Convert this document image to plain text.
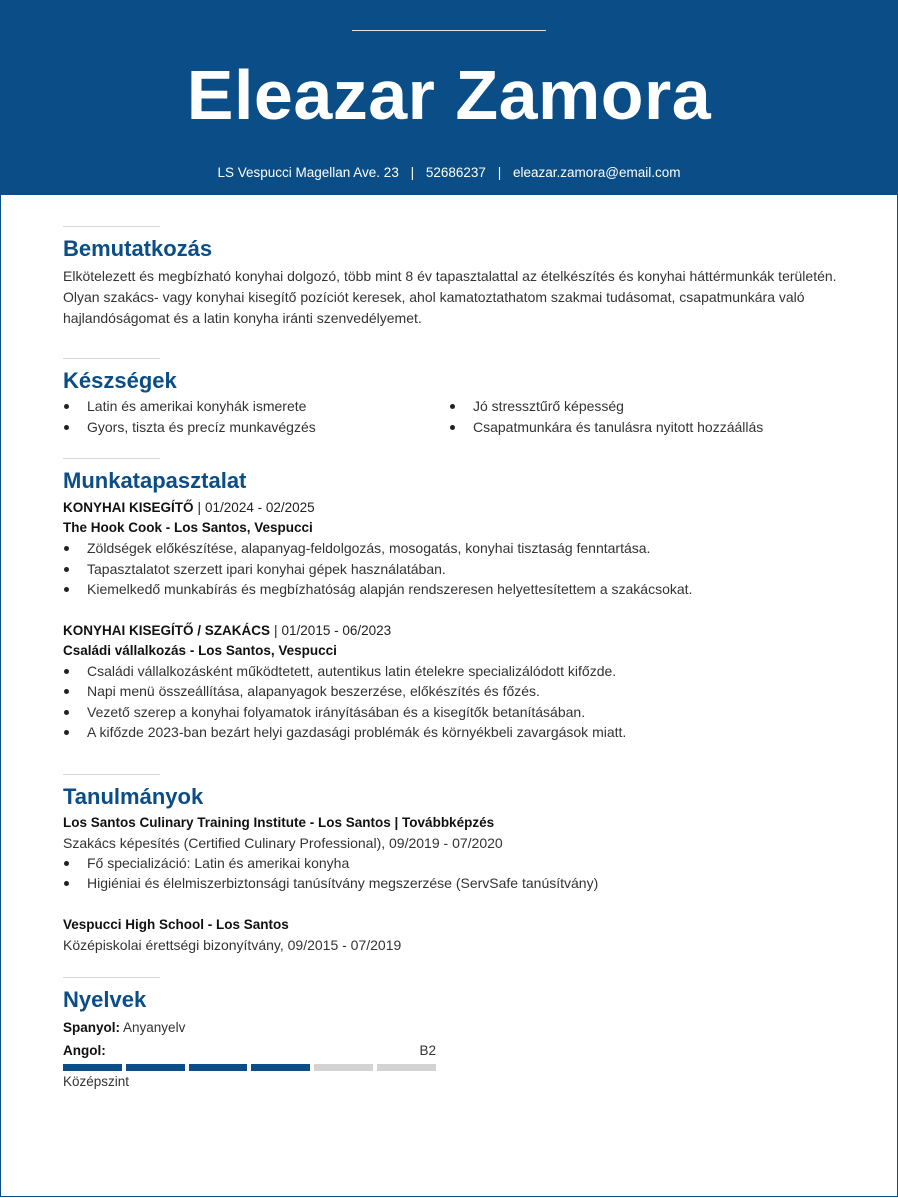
Eleazar Zamora
LS Vespucci Magellan Ave. 23 | 52686237 | eleazar.zamora@email.com
Bemutatkozás
Elkötelezett és megbízható konyhai dolgozó, több mint 8 év tapasztalattal az ételkészítés és konyhai háttérmunkák területén. Olyan szakács- vagy konyhai kisegítő pozíciót keresek, ahol kamatoztathatom szakmai tudásomat, csapatmunkára való hajlandóságomat és a latin konyha iránti szenvedélyemet.
Készségek
Latin és amerikai konyhák ismerete
Gyors, tiszta és precíz munkavégzés
Jó stressztűrő képesség
Csapatmunkára és tanulásra nyitott hozzáállás
Munkatapasztalat
KONYHAI KISEGÍTŐ | 01/2024 - 02/2025
The Hook Cook - Los Santos, Vespucci
Zöldségek előkészítése, alapanyag-feldolgozás, mosogatás, konyhai tisztaság fenntartása.
Tapasztalatot szerzett ipari konyhai gépek használatában.
Kiemelkedő munkabírás és megbízhatóság alapján rendszeresen helyettesítettem a szakácsokat.
KONYHAI KISEGÍTŐ / SZAKÁCS | 01/2015 - 06/2023
Családi vállalkozás - Los Santos, Vespucci
Családi vállalkozásként működtetett, autentikus latin ételekre specializálódott kifőzde.
Napi menü összeállítása, alapanyagok beszerzése, előkészítés és főzés.
Vezető szerep a konyhai folyamatok irányításában és a kisegítők betanításában.
A kifőzde 2023-ban bezárt helyi gazdasági problémák és környékbeli zavargások miatt.
Tanulmányok
Los Santos Culinary Training Institute - Los Santos | Továbbképzés
Szakács képesítés (Certified Culinary Professional), 09/2019 - 07/2020
Fő specializáció: Latin és amerikai konyha
Higiéniai és élelmiszerbiztonsági tanúsítvány megszerzése (ServSafe tanúsítvány)
Vespucci High School - Los Santos
Középiskolai érettségi bizonyítvány, 09/2015 - 07/2019
Nyelvek
Spanyol: Anyanyelv
Angol:	B2
Középszint
